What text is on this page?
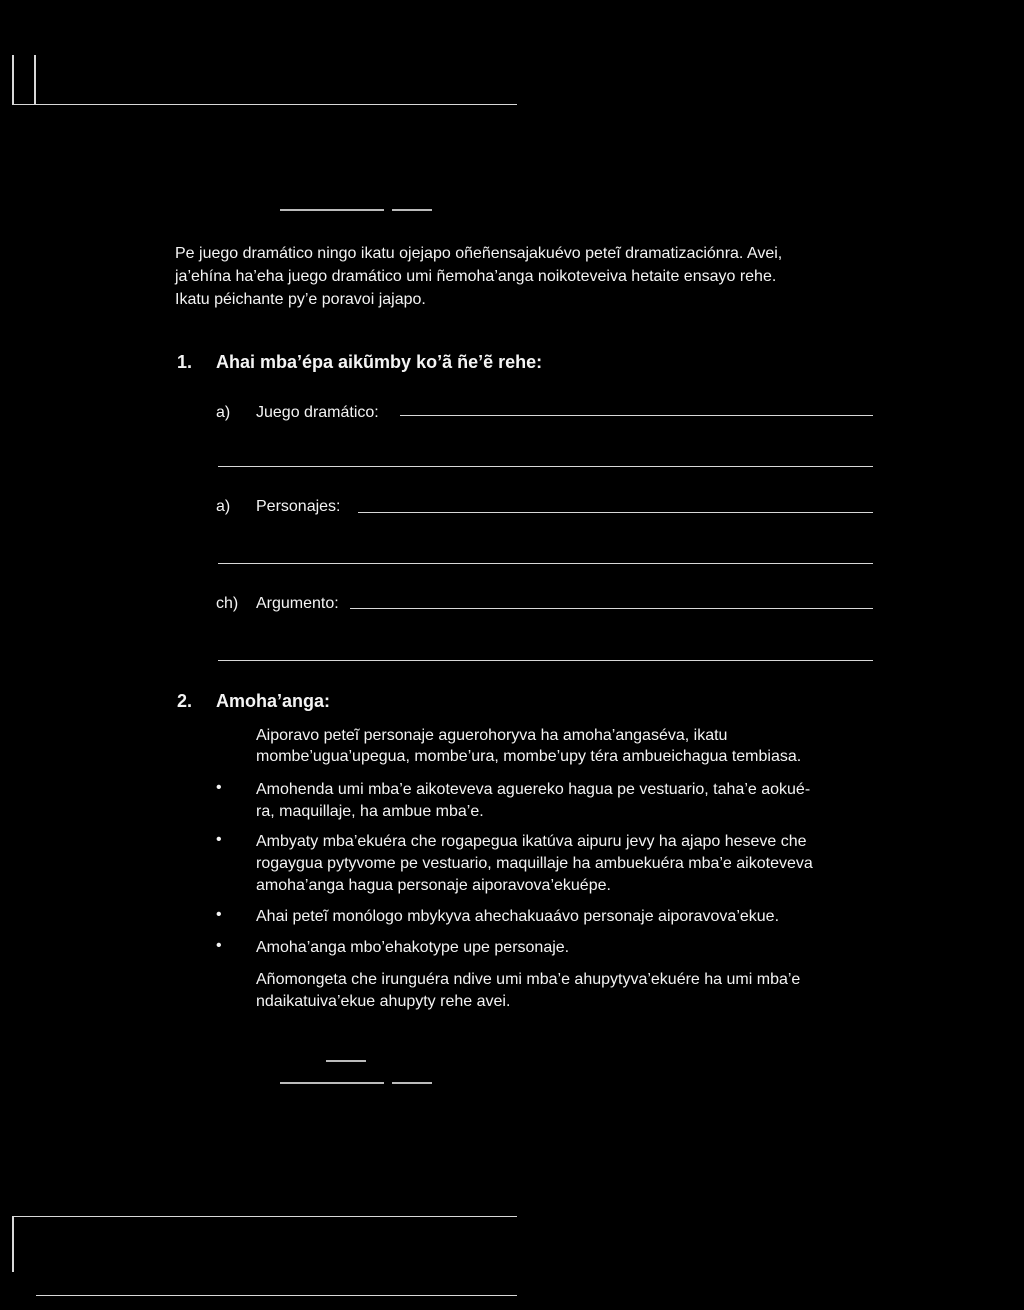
Pe juego dramático ningo ikatu ojejapo oñeñensajakuévo peteĩ dramatizaciónra. Avei,
ja’ehína ha’eha juego dramático umi ñemoha’anga noikoteveiva hetaite ensayo rehe.
Ikatu péichante py’e poravoi jajapo.
1. Ahai mba’épa aikũmby ko’ã ñe’ẽ rehe:
a) Juego dramático:
a) Personajes:
ch) Argumento:
2. Amoha’anga:
Aiporavo peteĩ personaje aguerohoryva ha amoha’angaséva, ikatu
mombe’ugua’upegua, mombe’ura, mombe’upy téra ambueichagua tembiasa.
• Amohenda umi mba’e aikoteveva aguereko hagua pe vestuario, taha’e aokué-
ra, maquillaje, ha ambue mba’e.
• Ambyaty mba’ekuéra che rogapegua ikatúva aipuru jevy ha ajapo heseve che
rogaygua pytyvome pe vestuario, maquillaje ha ambuekuéra mba’e aikoteveva
amoha’anga hagua personaje aiporavova’ekuépe.
• Ahai peteĩ monólogo mbykyva ahechakuaávo personaje aiporavova’ekue.
• Amoha’anga mbo’ehakotype upe personaje.
Añomongeta che irunguéra ndive umi mba’e ahupytyva’ekuére ha umi mba’e
ndaikatuiva’ekue ahupyty rehe avei.
